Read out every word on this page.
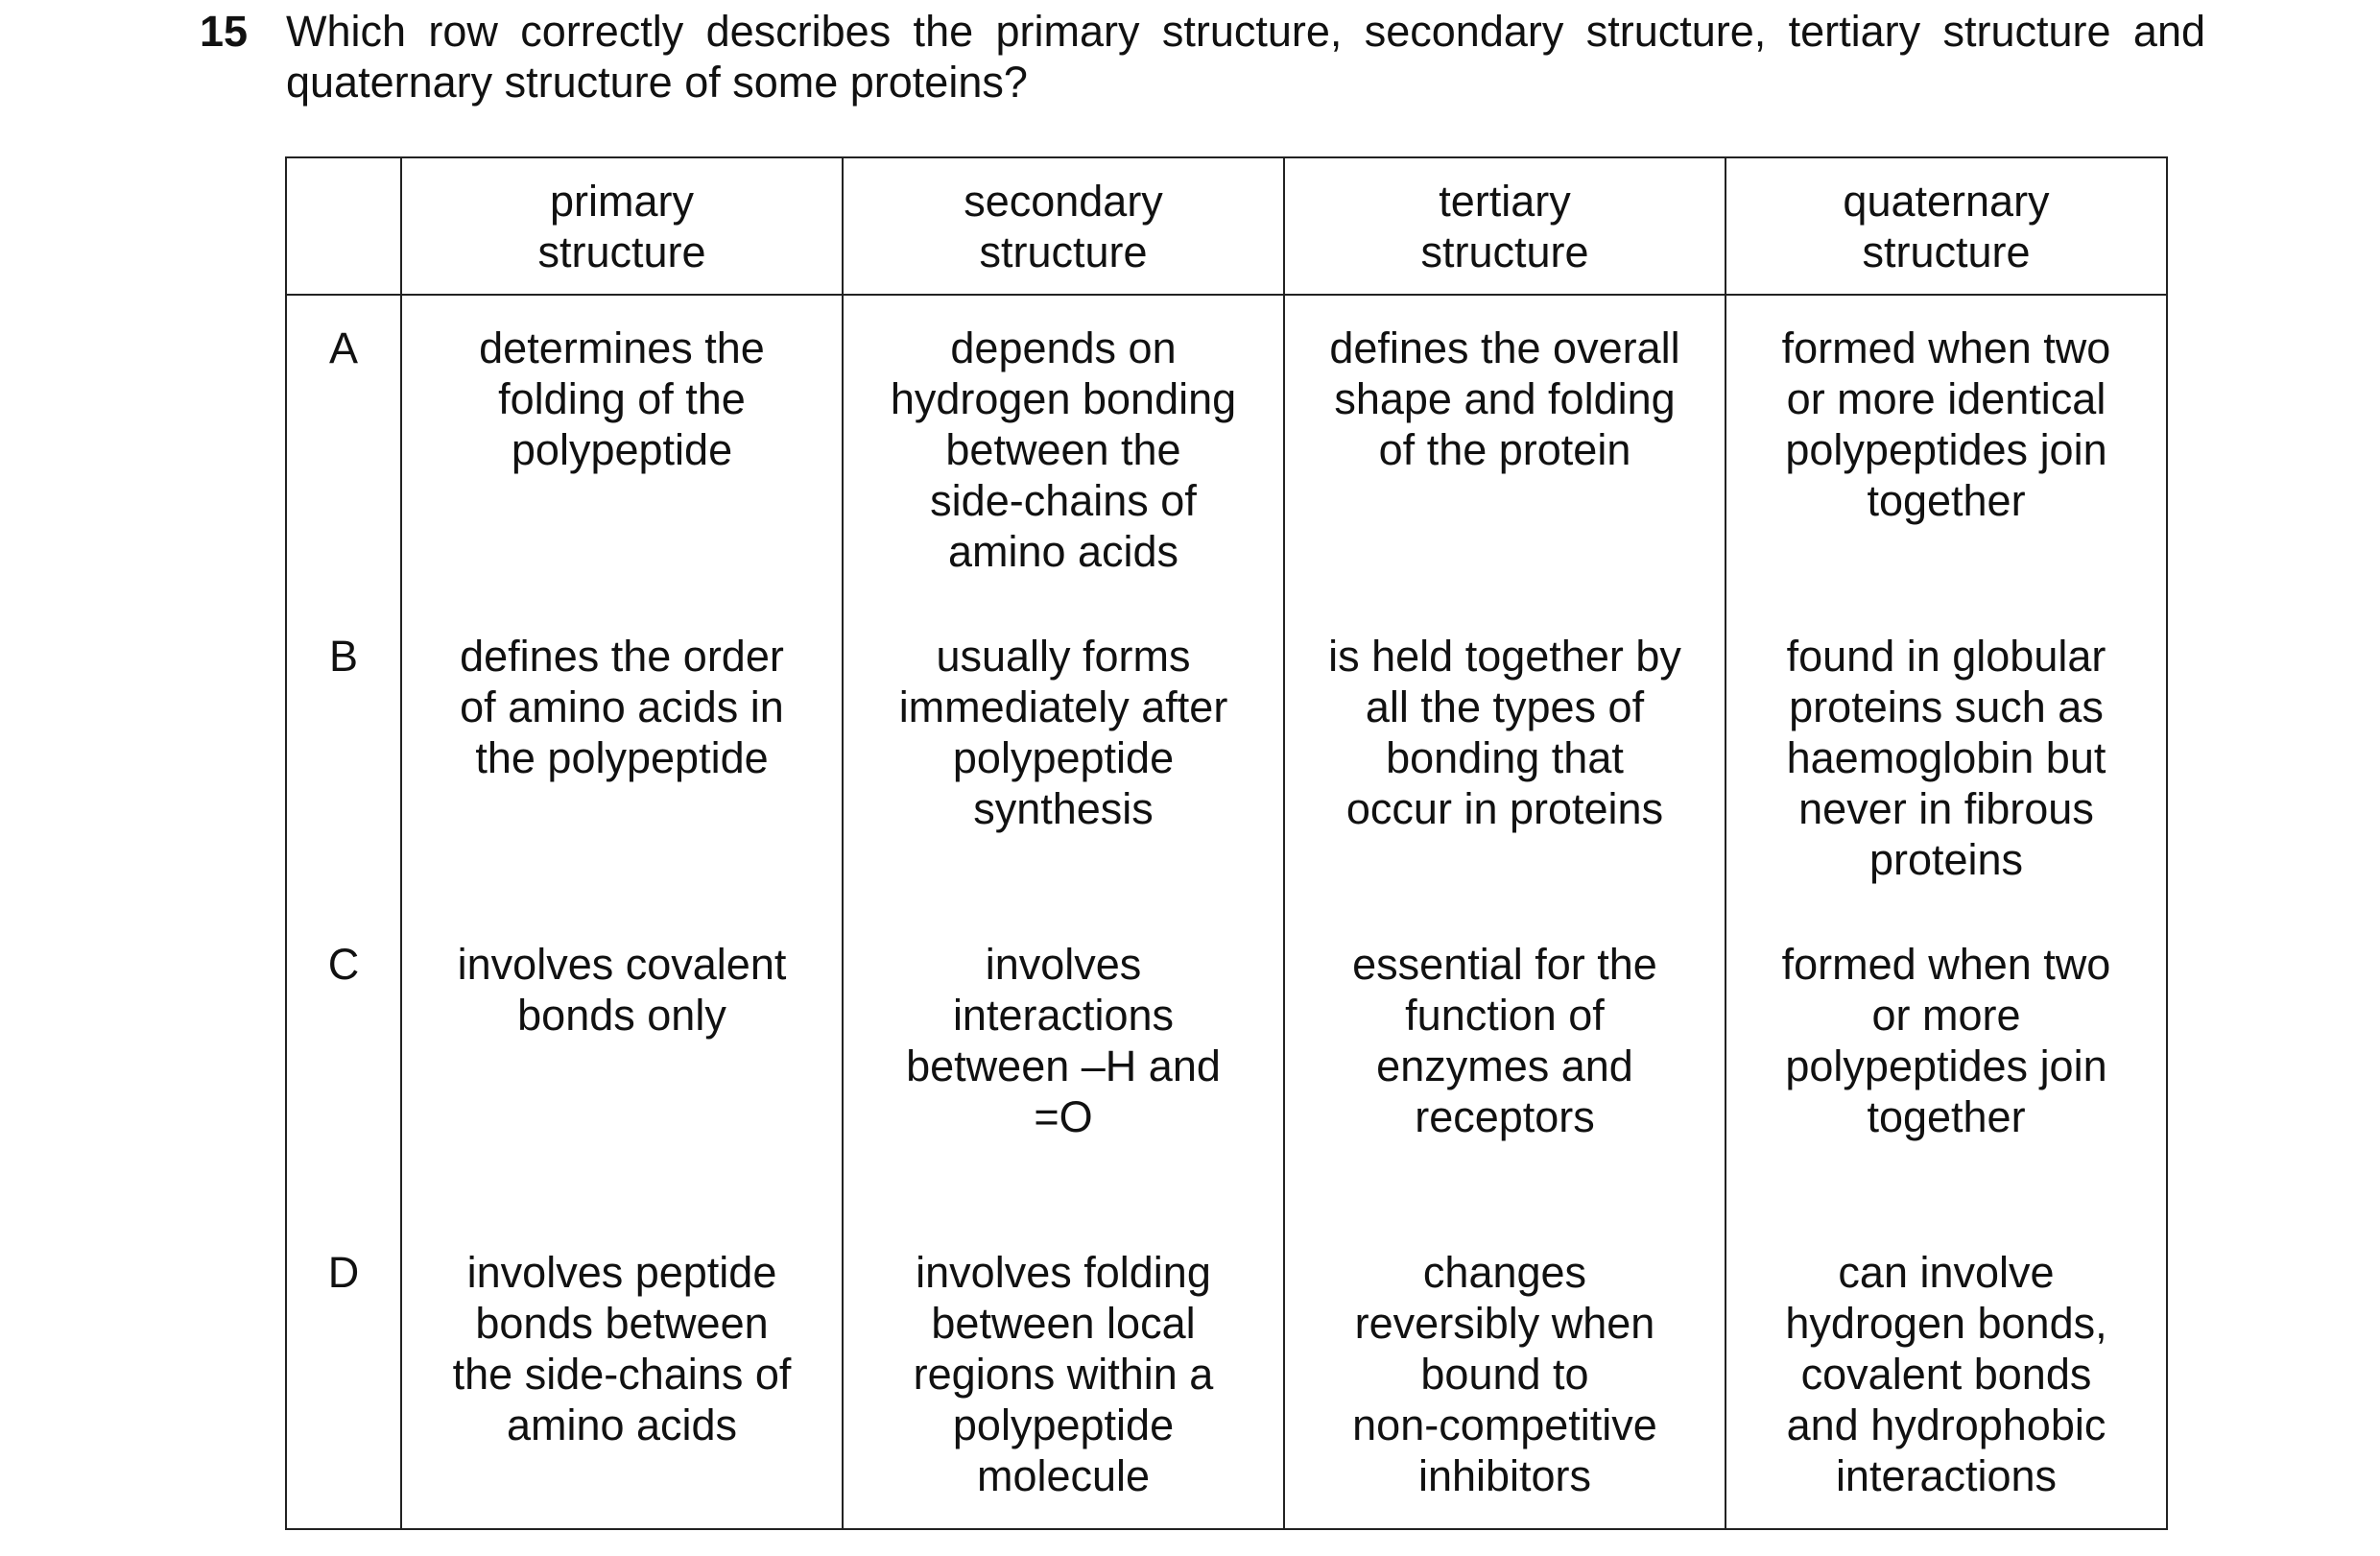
15 Which row correctly describes the primary structure, secondary structure, tertiary structure and quaternary structure of some proteins?

	primary
structure	secondary
structure	tertiary
structure	quaternary
structure

A	determines the
folding of the
polypeptide	depends on
hydrogen bonding
between the
side-chains of
amino acids	defines the overall
shape and folding
of the protein	formed when two
or more identical
polypeptides join
together

B	defines the order
of amino acids in
the polypeptide	usually forms
immediately after
polypeptide
synthesis	is held together by
all the types of
bonding that
occur in proteins	found in globular
proteins such as
haemoglobin but
never in fibrous
proteins

C	involves covalent
bonds only	involves
interactions
between –H and
=O	essential for the
function of
enzymes and
receptors	formed when two
or more
polypeptides join
together

D	involves peptide
bonds between
the side-chains of
amino acids	involves folding
between local
regions within a
polypeptide
molecule	changes
reversibly when
bound to
non-competitive
inhibitors	can involve
hydrogen bonds,
covalent bonds
and hydrophobic
interactions
